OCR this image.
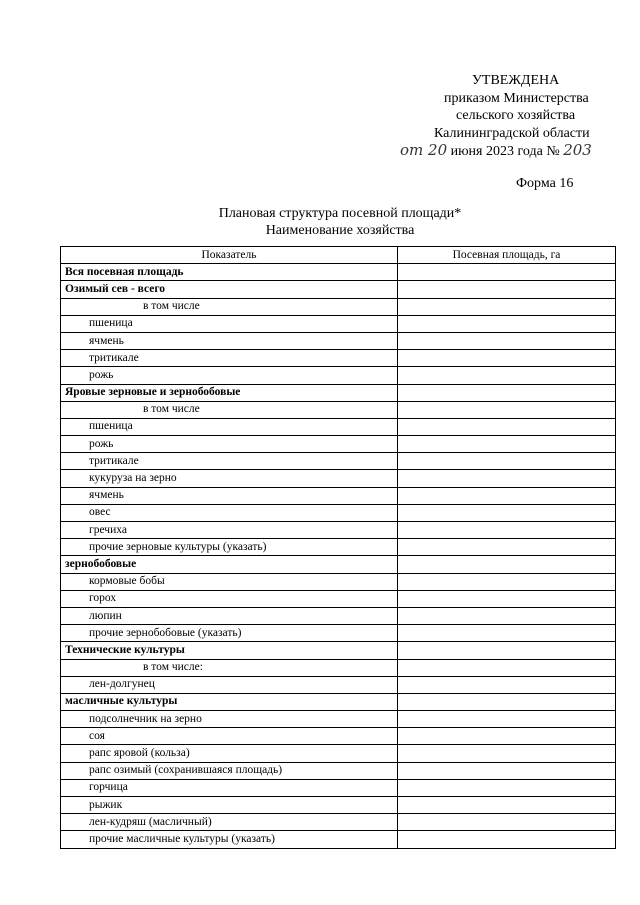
УТВЕЖДЕНА
приказом Министерства
сельского хозяйства
Калининградской области
от 20 июня 2023 года № 203
Форма 16
Плановая структура посевной площади*
Наименование хозяйства
Показатель	Посевная площадь, га
Вся посевная площадь	
Озимый сев - всего	
в том числе	
пшеница	
ячмень	
тритикале	
рожь	
Яровые зерновые и зернобобовые	
в том числе	
пшеница	
рожь	
тритикале	
кукуруза на зерно	
ячмень	
овес	
гречиха	
прочие зерновые культуры (указать)	
зернобобовые	
кормовые бобы	
горох	
люпин	
прочие зернобобовые (указать)	
Технические культуры	
в том числе:	
лен-долгунец	
масличные культуры	
подсолнечник на зерно	
соя	
рапс яровой (кольза)	
рапс озимый (сохранившаяся площадь)	
горчица	
рыжик	
лен-кудряш (масличный)	
прочие масличные культуры (указать)	
